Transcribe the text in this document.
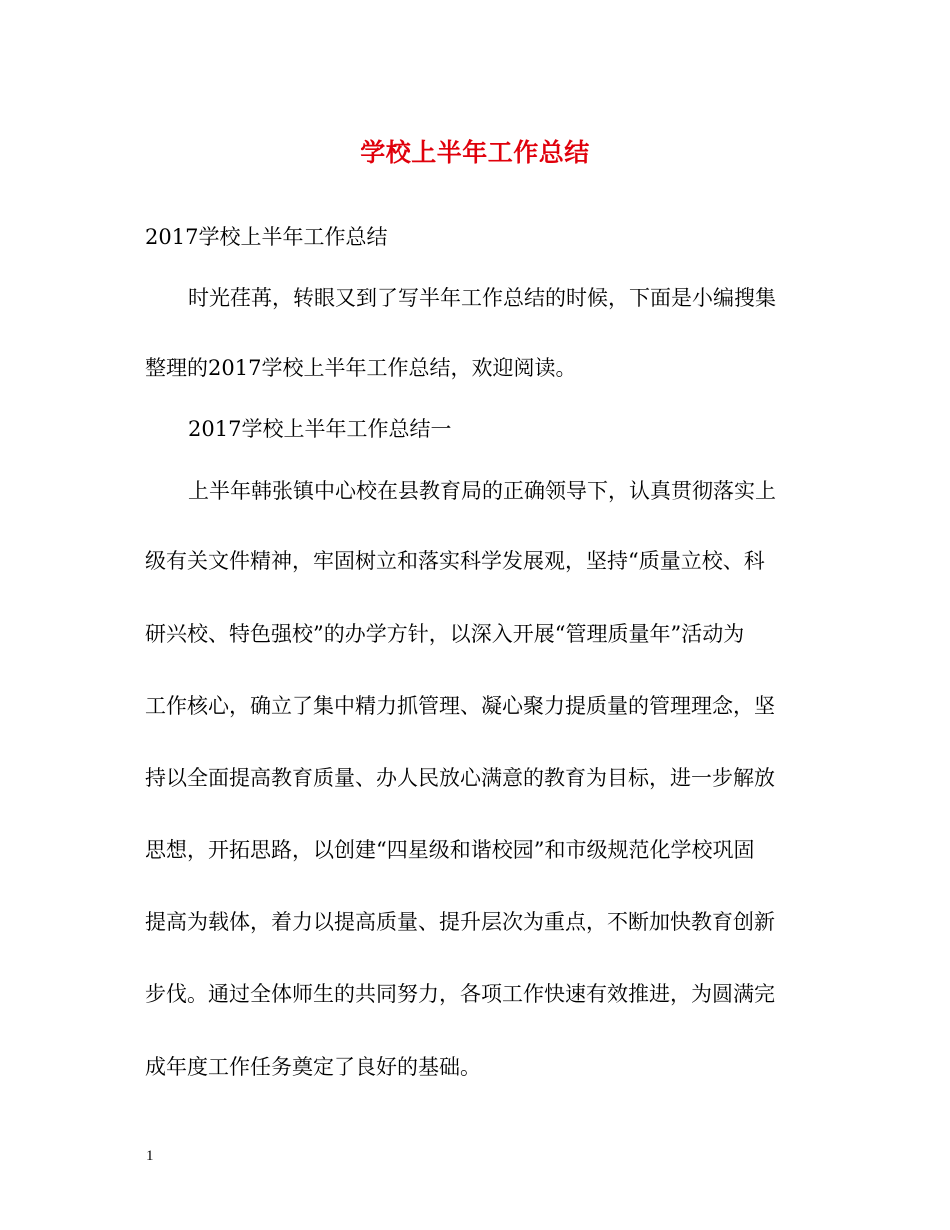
学校上半年工作总结
2017学校上半年工作总结
时光荏苒，转眼又到了写半年工作总结的时候，下面是小编搜集
整理的2017学校上半年工作总结，欢迎阅读。
2017学校上半年工作总结一
上半年韩张镇中心校在县教育局的正确领导下，认真贯彻落实上
级有关文件精神，牢固树立和落实科学发展观，坚持“质量立校、科
研兴校、特色强校”的办学方针，以深入开展“管理质量年”活动为
工作核心，确立了集中精力抓管理、凝心聚力提质量的管理理念，坚
持以全面提高教育质量、办人民放心满意的教育为目标，进一步解放
思想，开拓思路，以创建“四星级和谐校园”和市级规范化学校巩固
提高为载体，着力以提高质量、提升层次为重点，不断加快教育创新
步伐。通过全体师生的共同努力，各项工作快速有效推进，为圆满完
成年度工作任务奠定了良好的基础。
1
